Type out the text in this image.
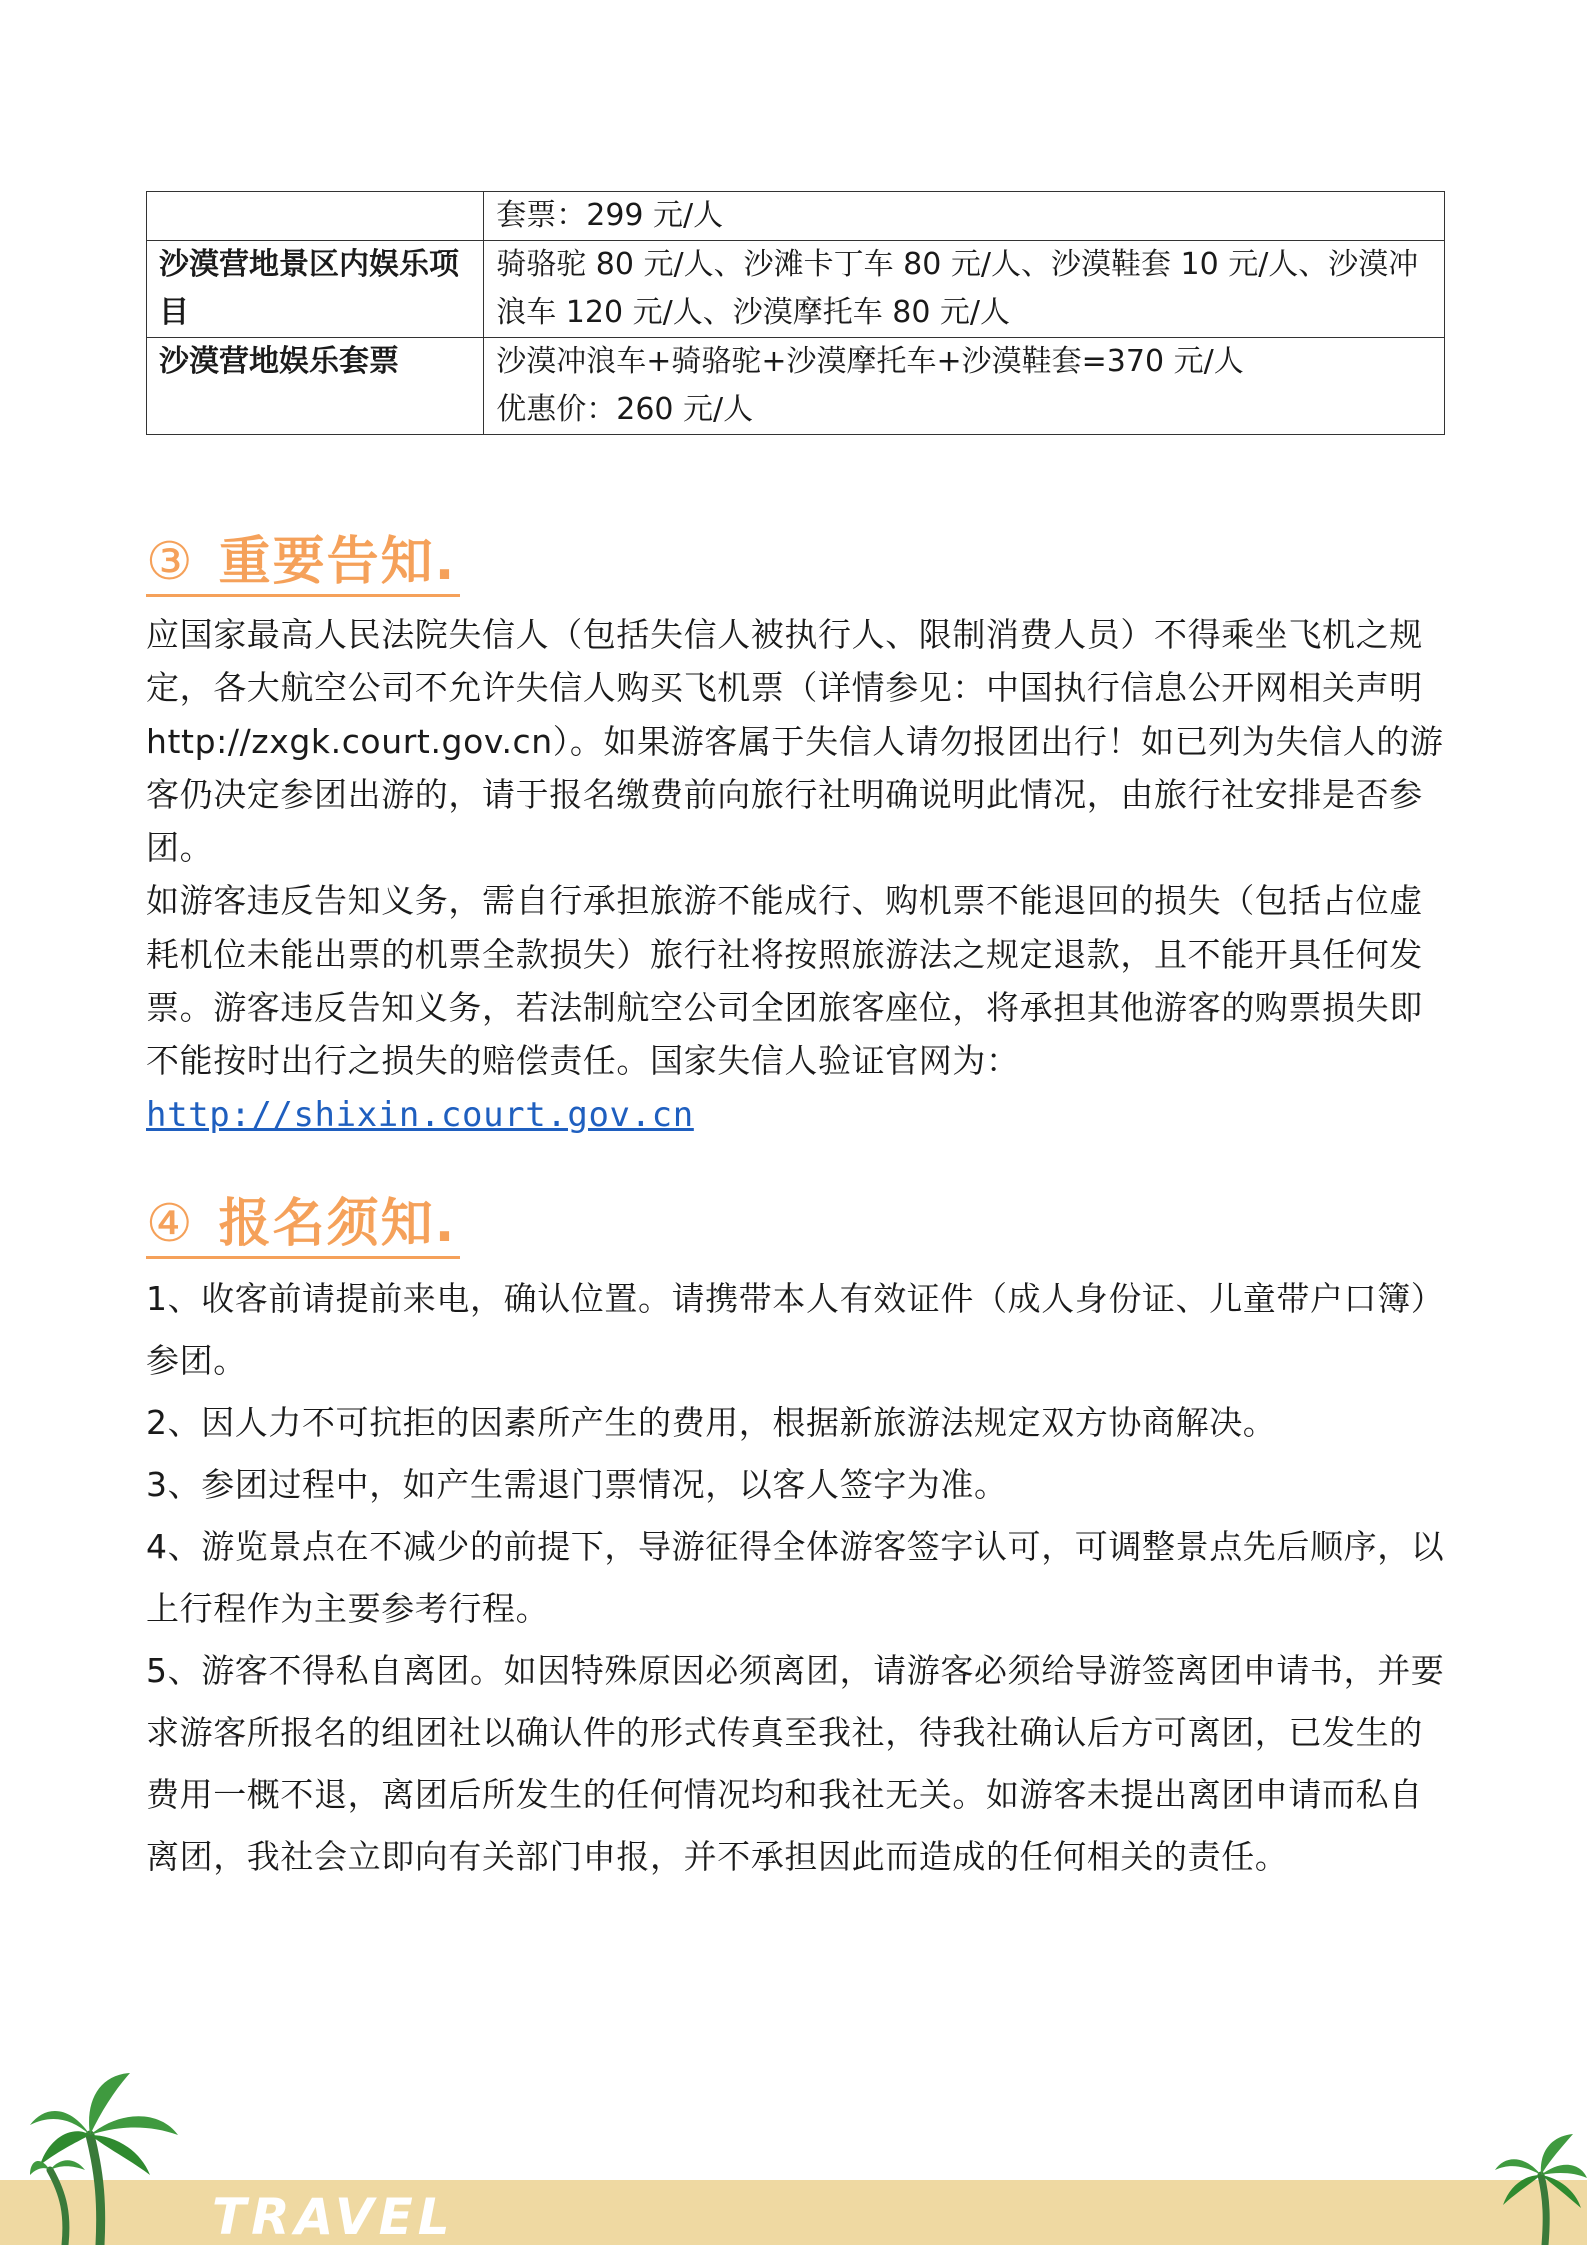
	套票：299 元/人

沙漠营地景区内娱乐项目	骑骆驼 80 元/人、沙滩卡丁车 80 元/人、沙漠鞋套 10 元/人、沙漠冲浪车 120 元/人、沙漠摩托车 80 元/人

沙漠营地娱乐套票	沙漠冲浪车+骑骆驼+沙漠摩托车+沙漠鞋套=370 元/人
优惠价：260 元/人
③ 重要告知.

应国家最高人民法院失信人（包括失信人被执行人、限制消费人员）不得乘坐飞机之规定，各大航空公司不允许失信人购买飞机票（详情参见：中国执行信息公开网相关声明 http://zxgk.court.gov.cn）。如果游客属于失信人请勿报团出行！如已列为失信人的游客仍决定参团出游的，请于报名缴费前向旅行社明确说明此情况，由旅行社安排是否参团。

如游客违反告知义务，需自行承担旅游不能成行、购机票不能退回的损失（包括占位虚耗机位未能出票的机票全款损失）旅行社将按照旅游法之规定退款，且不能开具任何发票。游客违反告知义务，若法制航空公司全团旅客座位，将承担其他游客的购票损失即不能按时出行之损失的赔偿责任。国家失信人验证官网为：
http://shixin.court.gov.cn

④ 报名须知.

1、收客前请提前来电，确认位置。请携带本人有效证件（成人身份证、儿童带户口簿）参团。

2、因人力不可抗拒的因素所产生的费用，根据新旅游法规定双方协商解决。

3、参团过程中，如产生需退门票情况，以客人签字为准。

4、游览景点在不减少的前提下，导游征得全体游客签字认可，可调整景点先后顺序，以上行程作为主要参考行程。

5、游客不得私自离团。如因特殊原因必须离团，请游客必须给导游签离团申请书，并要求游客所报名的组团社以确认件的形式传真至我社，待我社确认后方可离团，已发生的费用一概不退，离团后所发生的任何情况均和我社无关。如游客未提出离团申请而私自离团，我社会立即向有关部门申报，并不承担因此而造成的任何相关的责任。

TRAVEL
